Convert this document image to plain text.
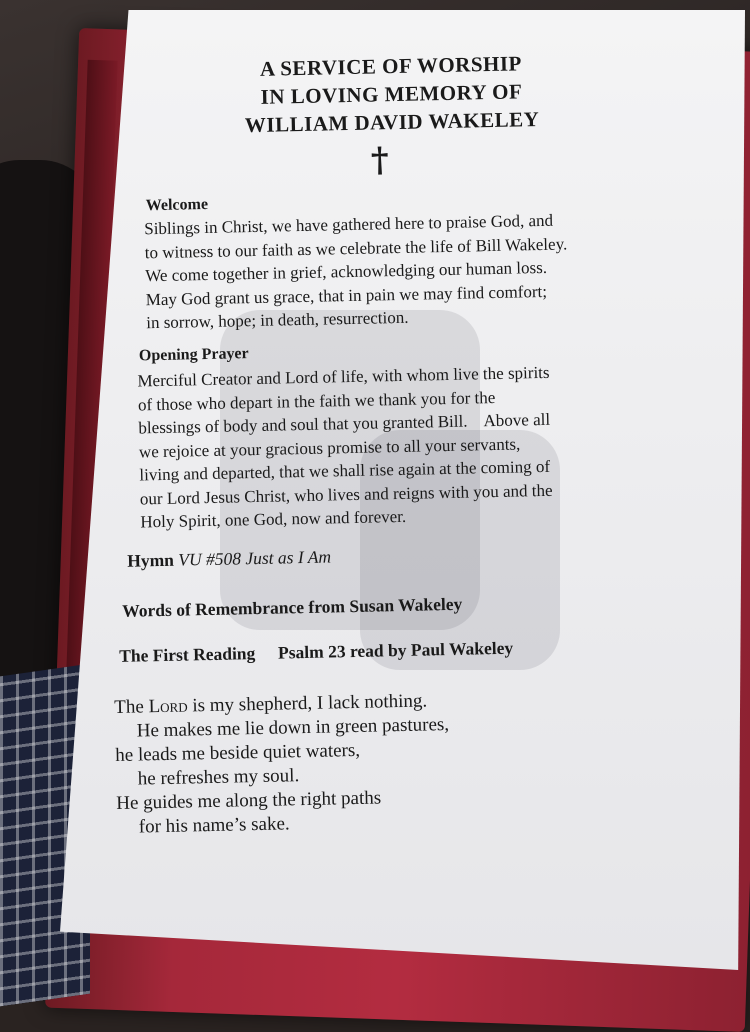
A SERVICE OF WORSHIP
IN LOVING MEMORY OF
WILLIAM DAVID WAKELEY
†
Welcome

Siblings in Christ, we have gathered here to praise God, and

to witness to our faith as we celebrate the life of Bill Wakeley.

We come together in grief, acknowledging our human loss.

May God grant us grace, that in pain we may find comfort;

in sorrow, hope; in death, resurrection.

Opening Prayer

Merciful Creator and Lord of life, with whom live the spirits

of those who depart in the faith we thank you for the

blessings of body and soul that you granted Bill.    Above all

we rejoice at your gracious promise to all your servants,

living and departed, that we shall rise again at the coming of

our Lord Jesus Christ, who lives and reigns with you and the

Holy Spirit, one God, now and forever.

Hymn VU #508 Just as I Am
Words of Remembrance from Susan Wakeley
The First Reading Psalm 23 read by Paul Wakeley
The Lord is my shepherd, I lack nothing.
He makes me lie down in green pastures,
he leads me beside quiet waters,
he refreshes my soul.
He guides me along the right paths
for his name’s sake.
